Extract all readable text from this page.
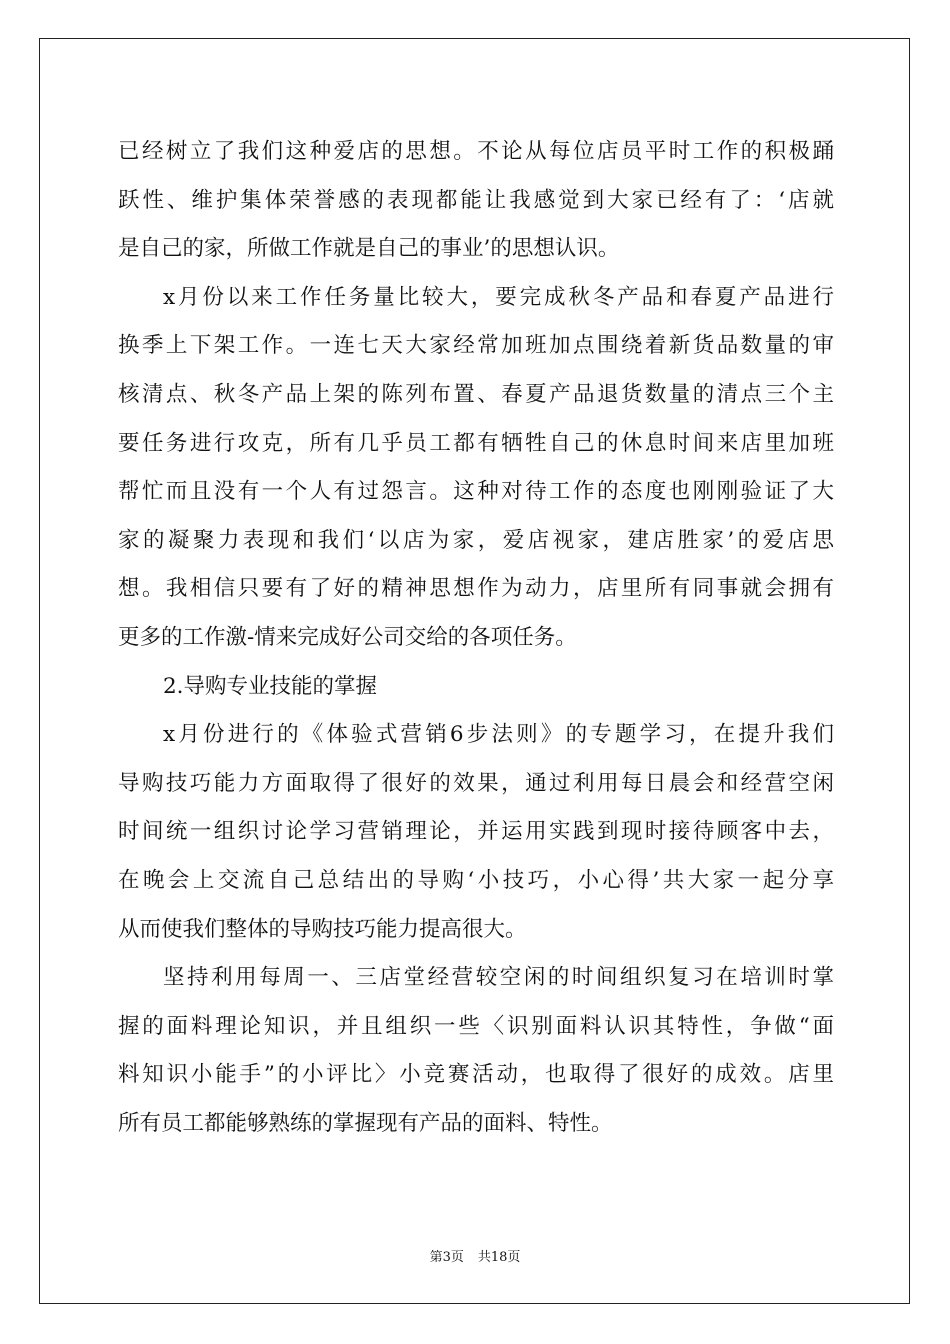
已经树立了我们这种爱店的思想。不论从每位店员平时工作的积极踊
跃性、维护集体荣誉感的表现都能让我感觉到大家已经有了：‘店就
是自己的家，所做工作就是自己的事业’的思想认识。
x月份以来工作任务量比较大，要完成秋冬产品和春夏产品进行
换季上下架工作。一连七天大家经常加班加点围绕着新货品数量的审
核清点、秋冬产品上架的陈列布置、春夏产品退货数量的清点三个主
要任务进行攻克，所有几乎员工都有牺牲自己的休息时间来店里加班
帮忙而且没有一个人有过怨言。这种对待工作的态度也刚刚验证了大
家的凝聚力表现和我们‘以店为家，爱店视家，建店胜家’的爱店思
想。我相信只要有了好的精神思想作为动力，店里所有同事就会拥有
更多的工作激-情来完成好公司交给的各项任务。
2.导购专业技能的掌握
x月份进行的《体验式营销6步法则》的专题学习，在提升我们
导购技巧能力方面取得了很好的效果，通过利用每日晨会和经营空闲
时间统一组织讨论学习营销理论，并运用实践到现时接待顾客中去，
在晚会上交流自己总结出的导购‘小技巧，小心得’共大家一起分享
从而使我们整体的导购技巧能力提高很大。
坚持利用每周一、三店堂经营较空闲的时间组织复习在培训时掌
握的面料理论知识，并且组织一些〈识别面料认识其特性，争做“面
料知识小能手”的小评比〉小竞赛活动，也取得了很好的成效。店里
所有员工都能够熟练的掌握现有产品的面料、特性。
第3页 共18页
